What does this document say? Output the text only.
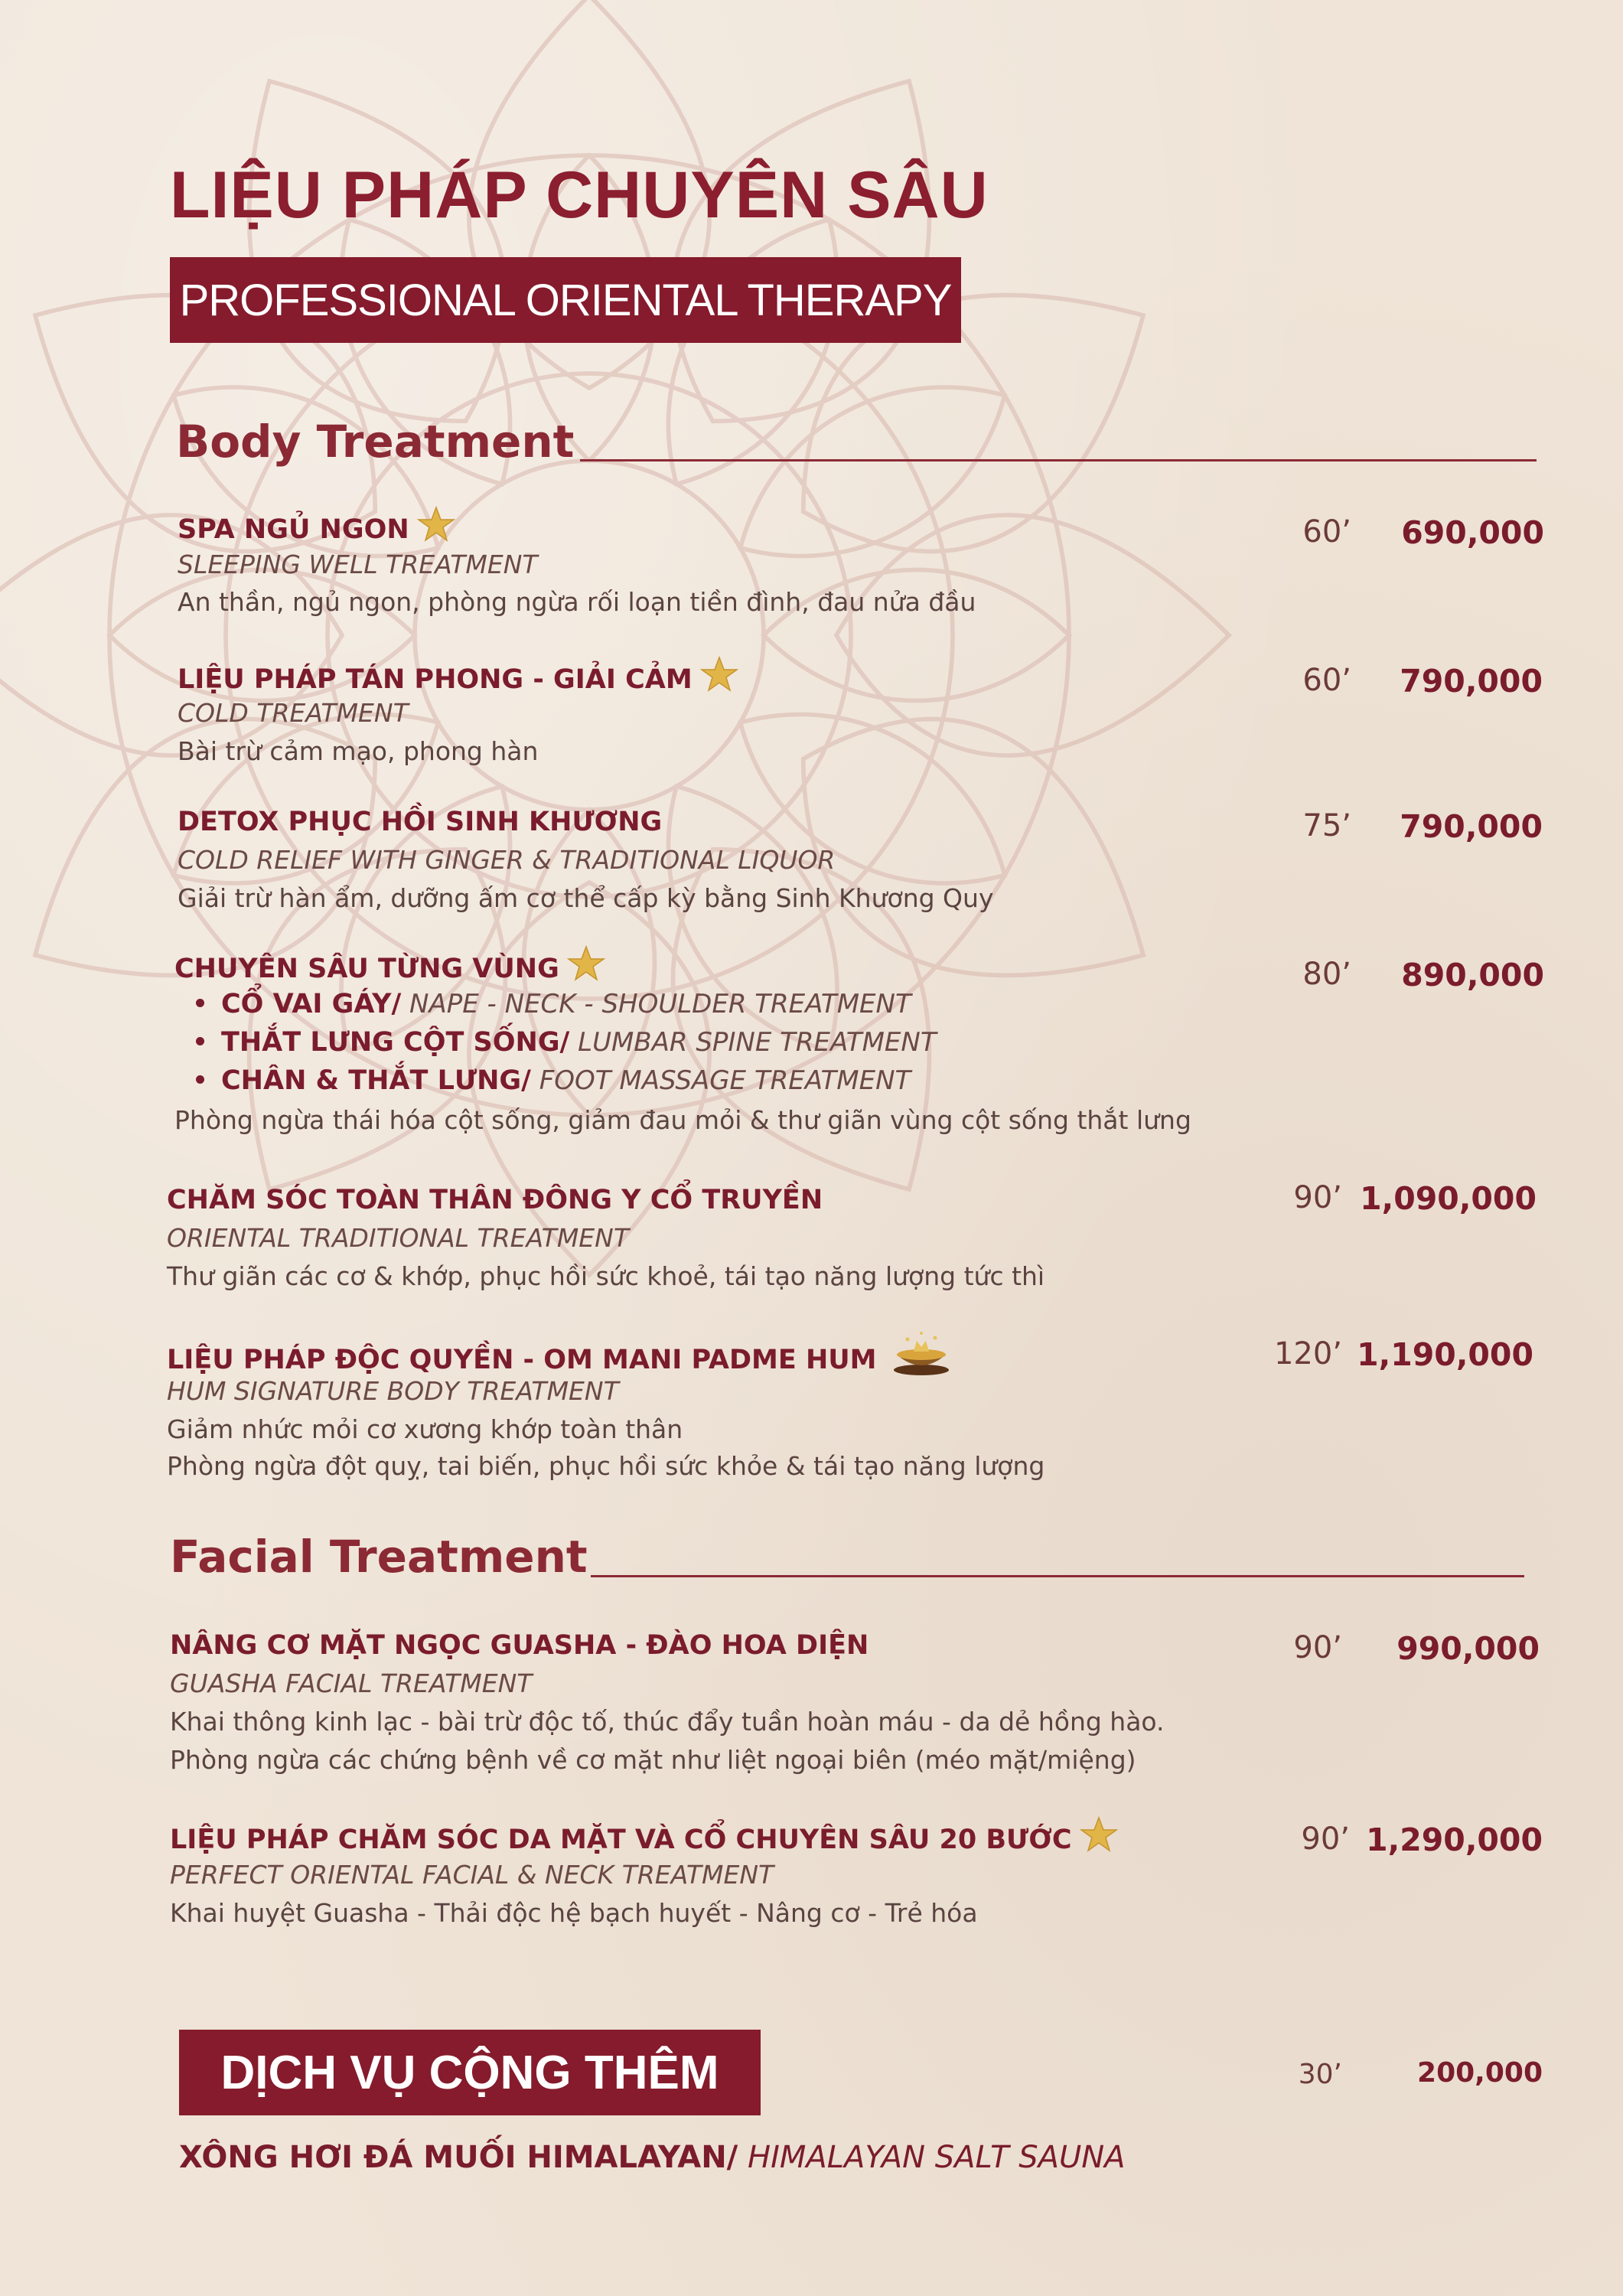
LIỆU PHÁP CHUYÊN SÂU
PROFESSIONAL ORIENTAL THERAPY
Body Treatment
SPA NGỦ NGON
SLEEPING WELL TREATMENT
An thần, ngủ ngon, phòng ngừa rối loạn tiền đình, đau nửa đầu
60’	690,000
LIỆU PHÁP TÁN PHONG - GIẢI CẢM
COLD TREATMENT
Bài trừ cảm mạo, phong hàn
60’	790,000
DETOX PHỤC HỒI SINH KHƯƠNG
COLD RELIEF WITH GINGER & TRADITIONAL LIQUOR
Giải trừ hàn ẩm, dưỡng ấm cơ thể cấp kỳ bằng Sinh Khương Quy
75’	790,000
CHUYÊN SÂU TỪNG VÙNG
CỔ VAI GÁY/ NAPE - NECK - SHOULDER TREATMENT
THẮT LƯNG CỘT SỐNG/ LUMBAR SPINE TREATMENT
CHÂN & THẮT LƯNG/ FOOT MASSAGE TREATMENT
Phòng ngừa thái hóa cột sống, giảm đau mỏi & thư giãn vùng cột sống thắt lưng
80’	890,000
CHĂM SÓC TOÀN THÂN ĐÔNG Y CỔ TRUYỀN
ORIENTAL TRADITIONAL TREATMENT
Thư giãn các cơ & khớp, phục hồi sức khoẻ, tái tạo năng lượng tức thì
90’ 1,090,000
LIỆU PHÁP ĐỘC QUYỀN - OM MANI PADME HUM
HUM SIGNATURE BODY TREATMENT
Giảm nhức mỏi cơ xương khớp toàn thân
Phòng ngừa đột quỵ, tai biến, phục hồi sức khỏe & tái tạo năng lượng
120’ 1,190,000
Facial Treatment
NÂNG CƠ MẶT NGỌC GUASHA - ĐÀO HOA DIỆN
GUASHA FACIAL TREATMENT
Khai thông kinh lạc - bài trừ độc tố, thúc đẩy tuần hoàn máu - da dẻ hồng hào.
Phòng ngừa các chứng bệnh về cơ mặt như liệt ngoại biên (méo mặt/miệng)
90’	990,000
LIỆU PHÁP CHĂM SÓC DA MẶT VÀ CỔ CHUYÊN SÂU 20 BƯỚC
PERFECT ORIENTAL FACIAL & NECK TREATMENT
Khai huyệt Guasha - Thải độc hệ bạch huyết - Nâng cơ - Trẻ hóa
90’ 1,290,000
DỊCH VỤ CỘNG THÊM	30’	200,000
XÔNG HƠI ĐÁ MUỐI HIMALAYAN/ HIMALAYAN SALT SAUNA
